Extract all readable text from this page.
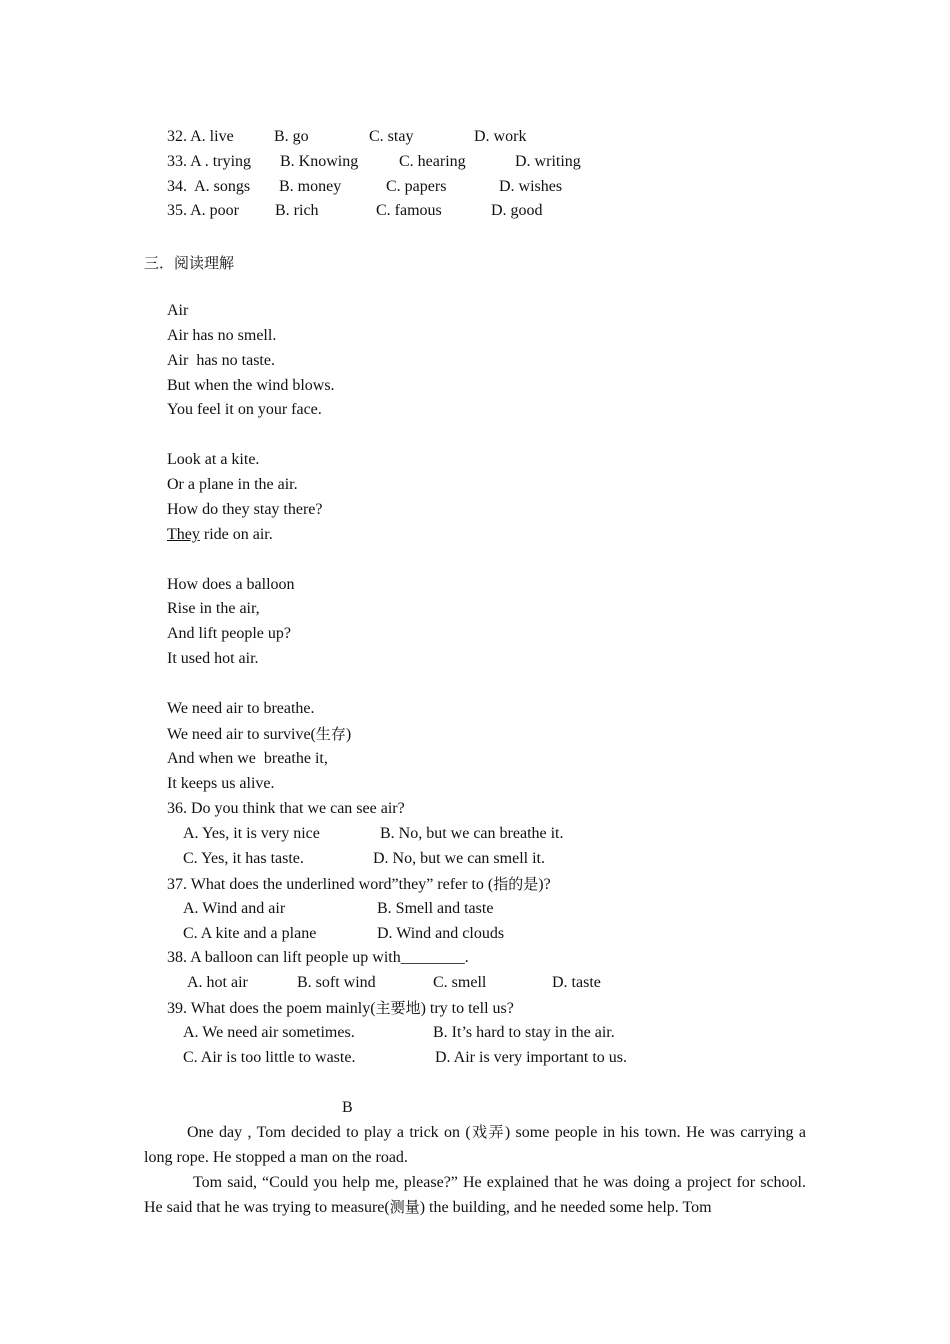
32. A. live	B. go	C. stay	D. work
33. A . trying B. Knowing	C. hearing	D. writing
34.  A. songs B. money	C. papers	D. wishes
35. A. poor B. rich	C. famous	D. good
三．阅读理解
Air
Air has no smell.
Air  has no taste.
But when the wind blows.
You feel it on your face.
Look at a kite.
Or a plane in the air.
How do they stay there?
They ride on air.
How does a balloon
Rise in the air,
And lift people up?
It used hot air.
We need air to breathe.
We need air to survive(生存)
And when we  breathe it,
It keeps us alive.
36. Do you think that we can see air?
A. Yes, it is very nice	B. No, but we can breathe it.
C. Yes, it has taste.	D. No, but we can smell it.
37. What does the underlined word”they” refer to (指的是)?
A. Wind and air	B. Smell and taste
C. A kite and a plane	D. Wind and clouds
38. A balloon can lift people up with________.
A. hot air	B. soft wind	C. smell	D. taste
39. What does the poem mainly(主要地) try to tell us?
A. We need air sometimes.	B. It’s hard to stay in the air.
C. Air is too little to waste.	D. Air is very important to us.
B

One day , Tom decided to play a trick on (戏弄) some people in his town. He was carrying a long rope. He stopped a man on the road.

Tom said, “Could you help me, please?” He explained that he was doing a project for school. He said that he was trying to measure(测量) the building, and he needed some help. Tom
